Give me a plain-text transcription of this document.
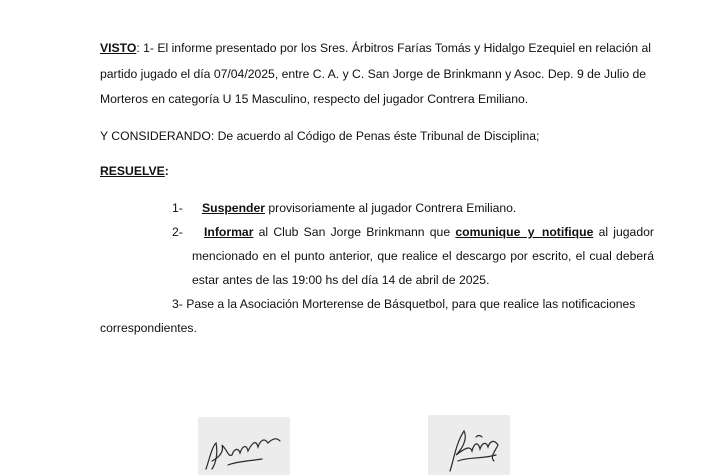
VISTO: 1- El informe presentado por los Sres. Árbitros Farías Tomás y Hidalgo Ezequiel en relación al
partido jugado el día 07/04/2025, entre C. A. y C. San Jorge de Brinkmann y Asoc. Dep. 9 de Julio de
Morteros en categoría U 15 Masculino, respecto del jugador Contrera Emiliano.
Y CONSIDERANDO: De acuerdo al Código de Penas éste Tribunal de Disciplina;
RESUELVE:
1- Suspender provisoriamente al jugador Contrera Emiliano.
2- Informar al Club San Jorge Brinkmann que comunique y notifique al jugador
mencionado en el punto anterior, que realice el descargo por escrito, el cual deberá
estar antes de las 19:00 hs del día 14 de abril de 2025.
3- Pase a la Asociación Morterense de Básquetbol, para que realice las notificaciones
correspondientes.
